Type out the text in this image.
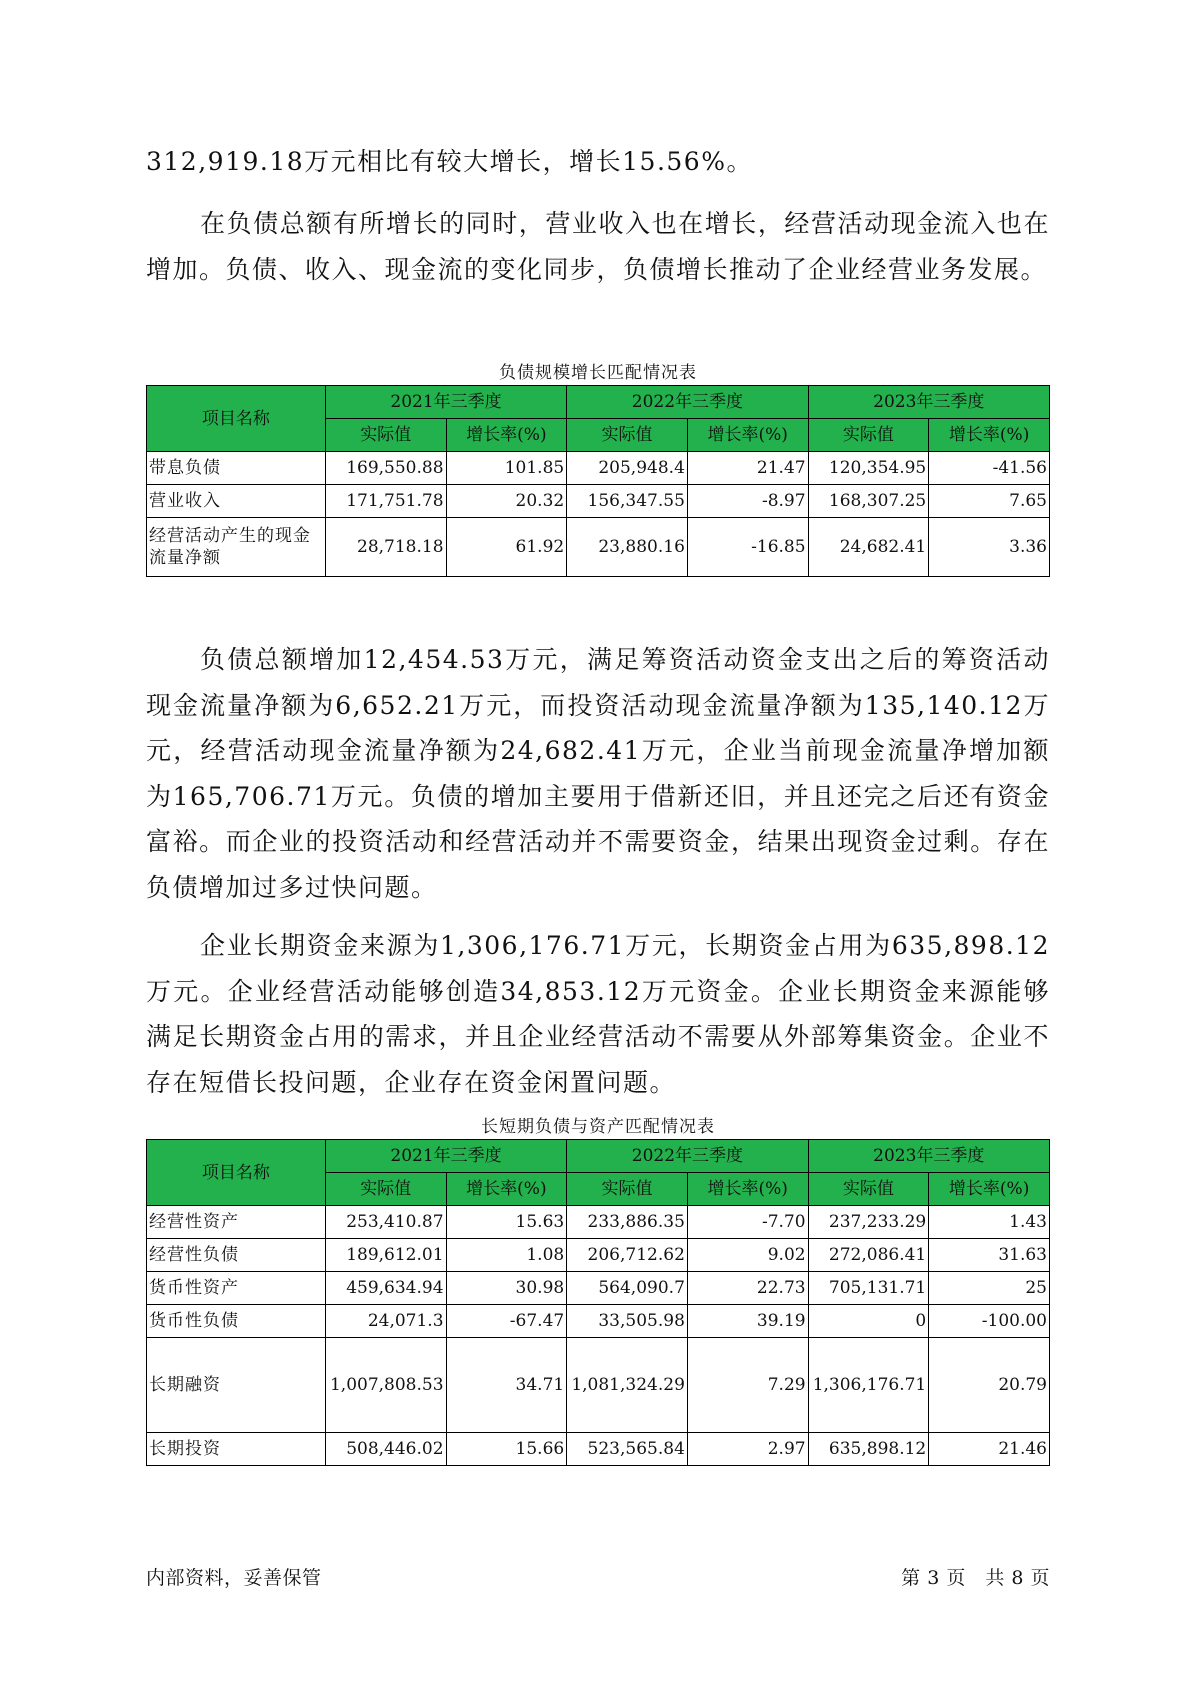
312,919.18万元相比有较大增长，增长15.56%。

在负债总额有所增长的同时，营业收入也在增长，经营活动现金流入也在增加。负债、收入、现金流的变化同步，负债增长推动了企业经营业务发展。

负债规模增长匹配情况表
项目名称	2021年三季度		2022年三季度		2023年三季度	
	实际值	增长率(%)	实际值	增长率(%)	实际值	增长率(%)
带息负债	169,550.88	101.85	205,948.4	21.47	120,354.95	-41.56
营业收入	171,751.78	20.32	156,347.55	-8.97	168,307.25	7.65
经营活动产生的现金流量净额	28,718.18	61.92	23,880.16	-16.85	24,682.41	3.36

负债总额增加12,454.53万元，满足筹资活动资金支出之后的筹资活动现金流量净额为6,652.21万元，而投资活动现金流量净额为135,140.12万元，经营活动现金流量净额为24,682.41万元，企业当前现金流量净增加额为165,706.71万元。负债的增加主要用于借新还旧，并且还完之后还有资金富裕。而企业的投资活动和经营活动并不需要资金，结果出现资金过剩。存在负债增加过多过快问题。

企业长期资金来源为1,306,176.71万元，长期资金占用为635,898.12万元。企业经营活动能够创造34,853.12万元资金。企业长期资金来源能够满足长期资金占用的需求，并且企业经营活动不需要从外部筹集资金。企业不存在短借长投问题，企业存在资金闲置问题。

长短期负债与资产匹配情况表
项目名称	2021年三季度		2022年三季度		2023年三季度	
	实际值	增长率(%)	实际值	增长率(%)	实际值	增长率(%)
经营性资产	253,410.87	15.63	233,886.35	-7.70	237,233.29	1.43
经营性负债	189,612.01	1.08	206,712.62	9.02	272,086.41	31.63
货币性资产	459,634.94	30.98	564,090.7	22.73	705,131.71	25
货币性负债	24,071.3	-67.47	33,505.98	39.19	0	-100.00
长期融资	1,007,808.53	34.71	1,081,324.29	7.29	1,306,176.71	20.79
长期投资	508,446.02	15.66	523,565.84	2.97	635,898.12	21.46
内部资料，妥善保管	第 3 页　共 8 页
